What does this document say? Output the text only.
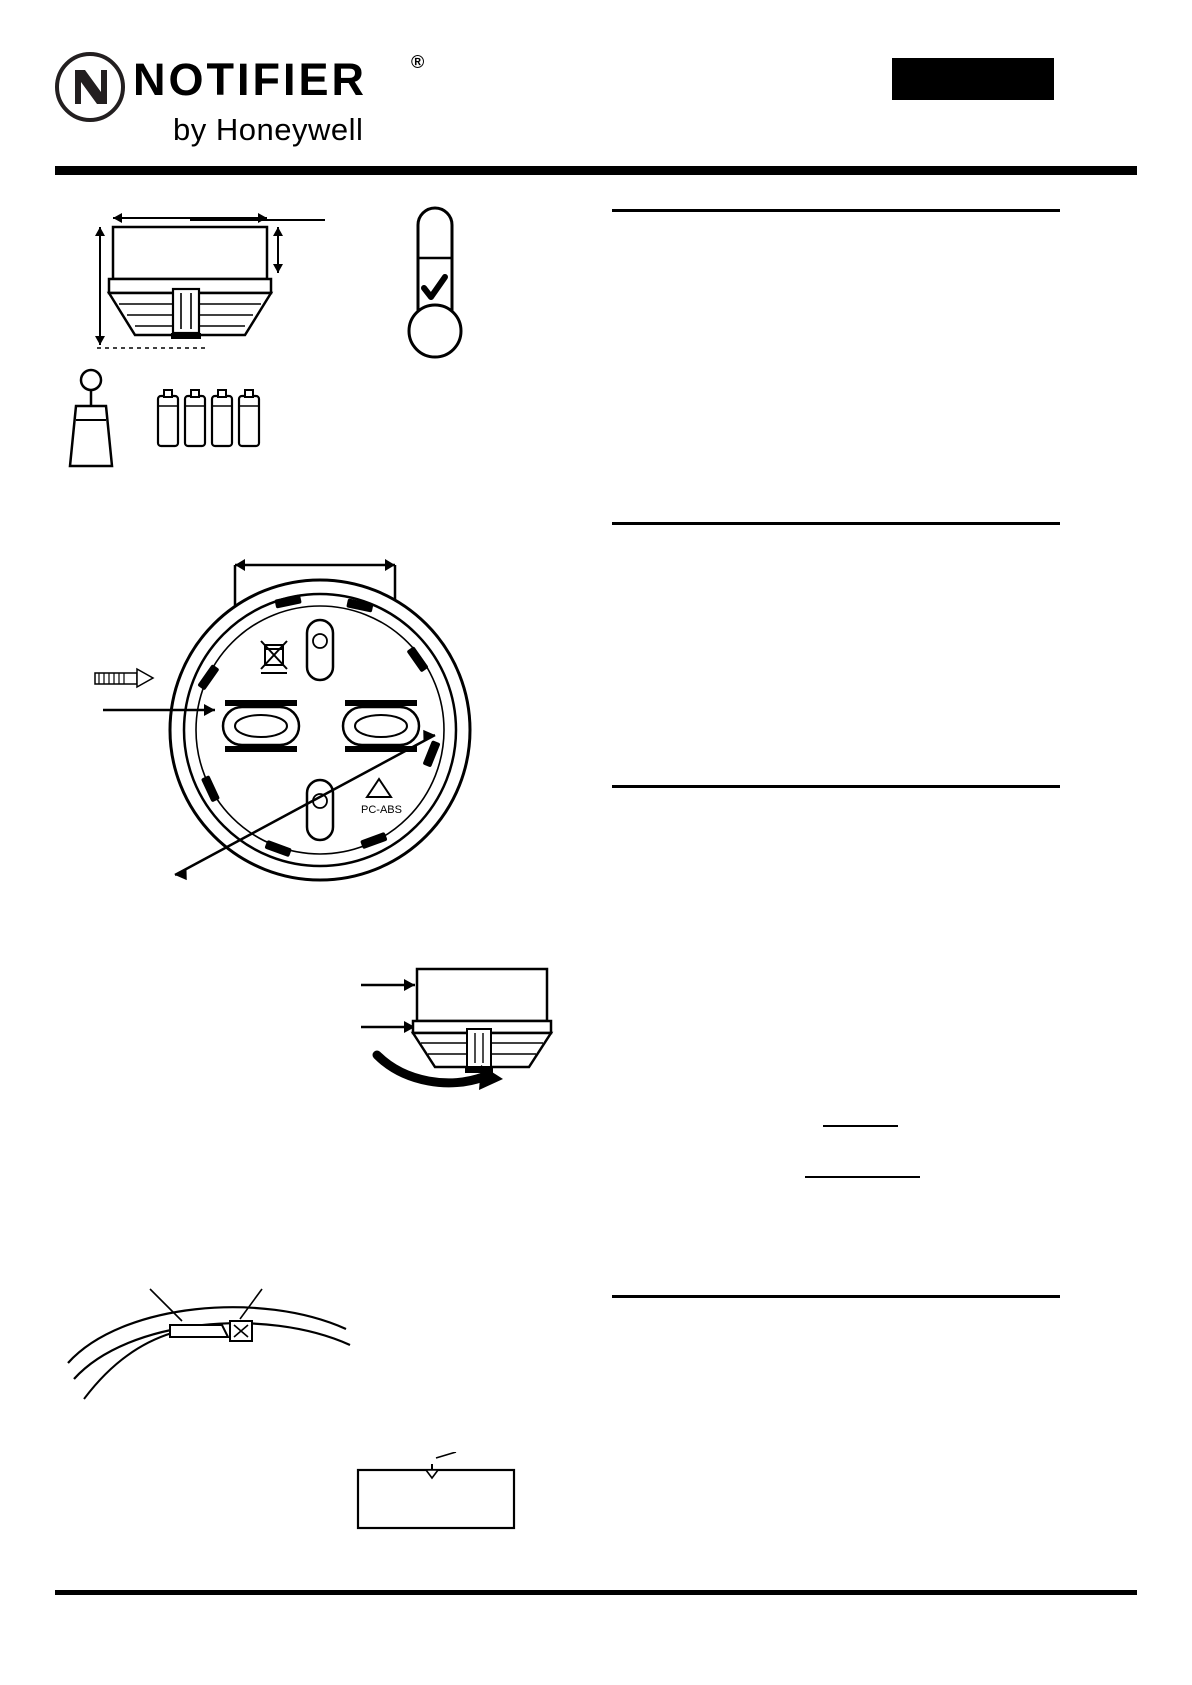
NOTIFIER ®
by Honeywell
PC-ABS
